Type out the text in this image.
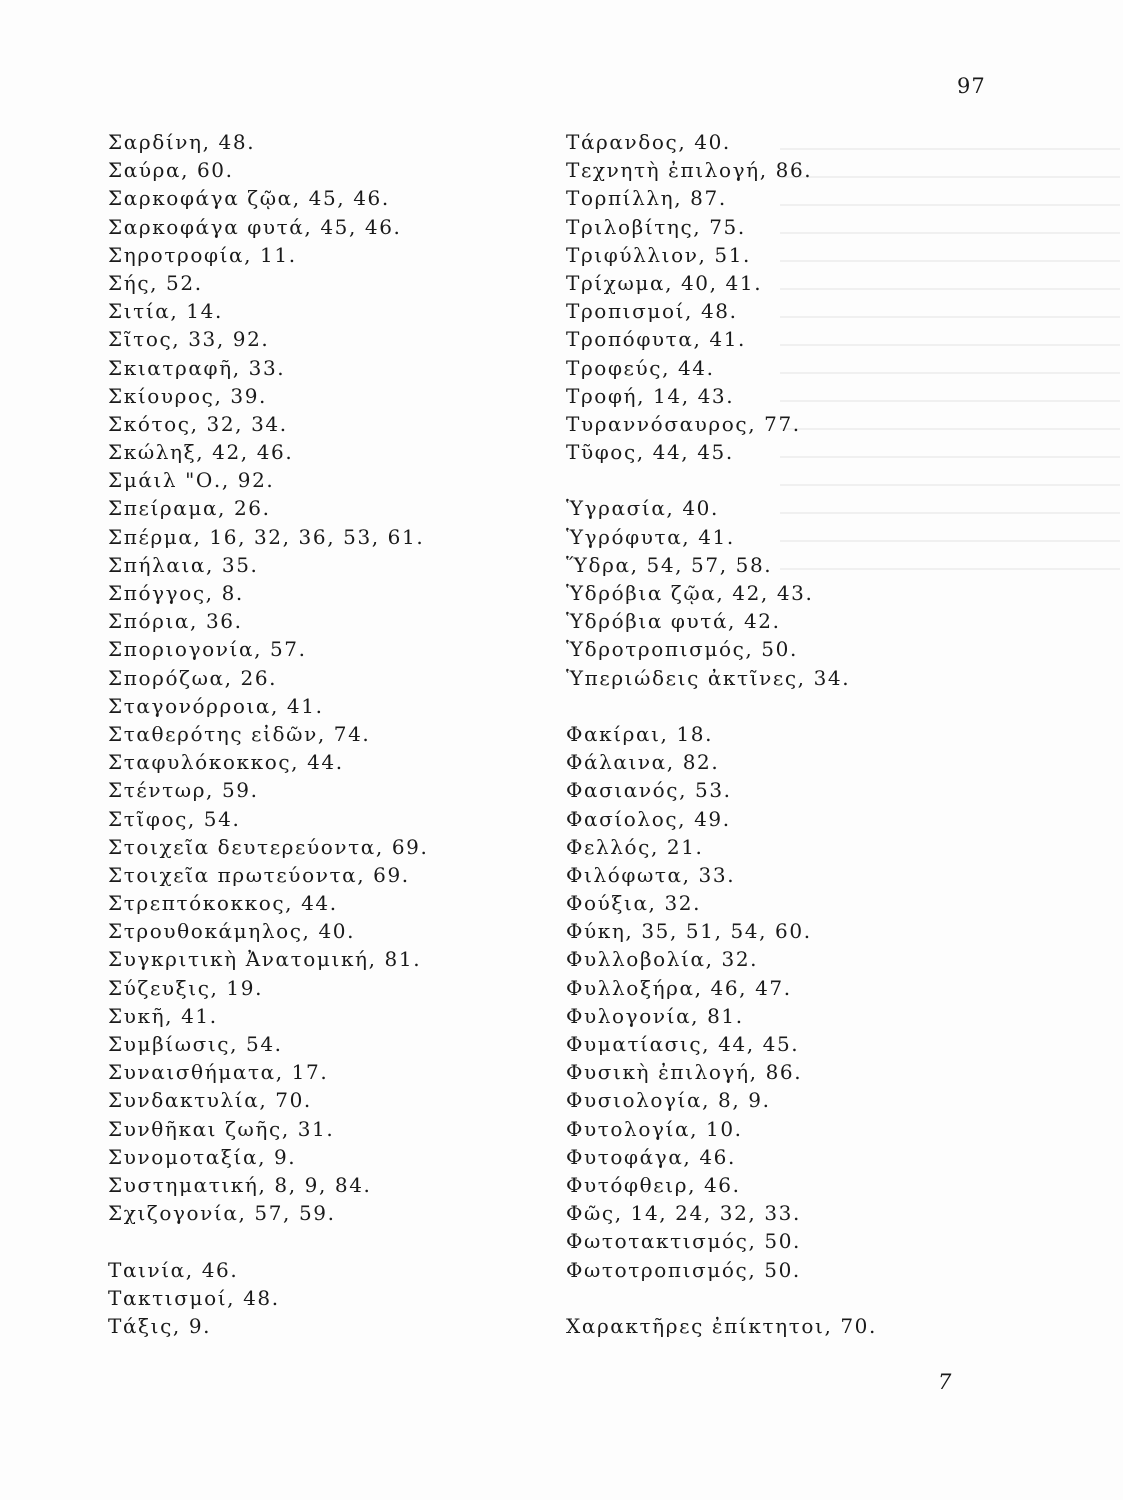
97
Σαρδίνη, 48.
Σαύρα, 60.
Σαρκοφάγα ζῷα, 45, 46.
Σαρκοφάγα φυτά, 45, 46.
Σηροτροφία, 11.
Σής, 52.
Σιτία, 14.
Σῖτος, 33, 92.
Σκιατραφῆ, 33.
Σκίουρος, 39.
Σκότος, 32, 34.
Σκώληξ, 42, 46.
Σμάιλ "Ο., 92.
Σπείραμα, 26.
Σπέρμα, 16, 32, 36, 53, 61.
Σπήλαια, 35.
Σπόγγος, 8.
Σπόρια, 36.
Σποριογονία, 57.
Σπορόζωα, 26.
Σταγονόρροια, 41.
Σταθερότης εἰδῶν, 74.
Σταφυλόκοκκος, 44.
Στέντωρ, 59.
Στῖφος, 54.
Στοιχεῖα δευτερεύοντα, 69.
Στοιχεῖα πρωτεύοντα, 69.
Στρεπτόκοκκος, 44.
Στρουθοκάμηλος, 40.
Συγκριτικὴ Ἀνατομική, 81.
Σύζευξις, 19.
Συκῆ, 41.
Συμβίωσις, 54.
Συναισθήματα, 17.
Συνδακτυλία, 70.
Συνθῆκαι ζωῆς, 31.
Συνομοταξία, 9.
Συστηματική, 8, 9, 84.
Σχιζογονία, 57, 59.
Ταινία, 46.
Τακτισμοί, 48.
Τάξις, 9.
Τάρανδος, 40.
Τεχνητὴ ἐπιλογή, 86.
Τορπίλλη, 87.
Τριλοβίτης, 75.
Τριφύλλιον, 51.
Τρίχωμα, 40, 41.
Τροπισμοί, 48.
Τροπόφυτα, 41.
Τροφεύς, 44.
Τροφή, 14, 43.
Τυραννόσαυρος, 77.
Τῦφος, 44, 45.
Ὑγρασία, 40.
Ὑγρόφυτα, 41.
Ὕδρα, 54, 57, 58.
Ὑδρόβια ζῷα, 42, 43.
Ὑδρόβια φυτά, 42.
Ὑδροτροπισμός, 50.
Ὑπεριώδεις ἀκτῖνες, 34.
Φακίραι, 18.
Φάλαινα, 82.
Φασιανός, 53.
Φασίολος, 49.
Φελλός, 21.
Φιλόφωτα, 33.
Φούξια, 32.
Φύκη, 35, 51, 54, 60.
Φυλλοβολία, 32.
Φυλλοξήρα, 46, 47.
Φυλογονία, 81.
Φυματίασις, 44, 45.
Φυσικὴ ἐπιλογή, 86.
Φυσιολογία, 8, 9.
Φυτολογία, 10.
Φυτοφάγα, 46.
Φυτόφθειρ, 46.
Φῶς, 14, 24, 32, 33.
Φωτοτακτισμός, 50.
Φωτοτροπισμός, 50.
Χαρακτῆρες ἐπίκτητοι, 70.
7
